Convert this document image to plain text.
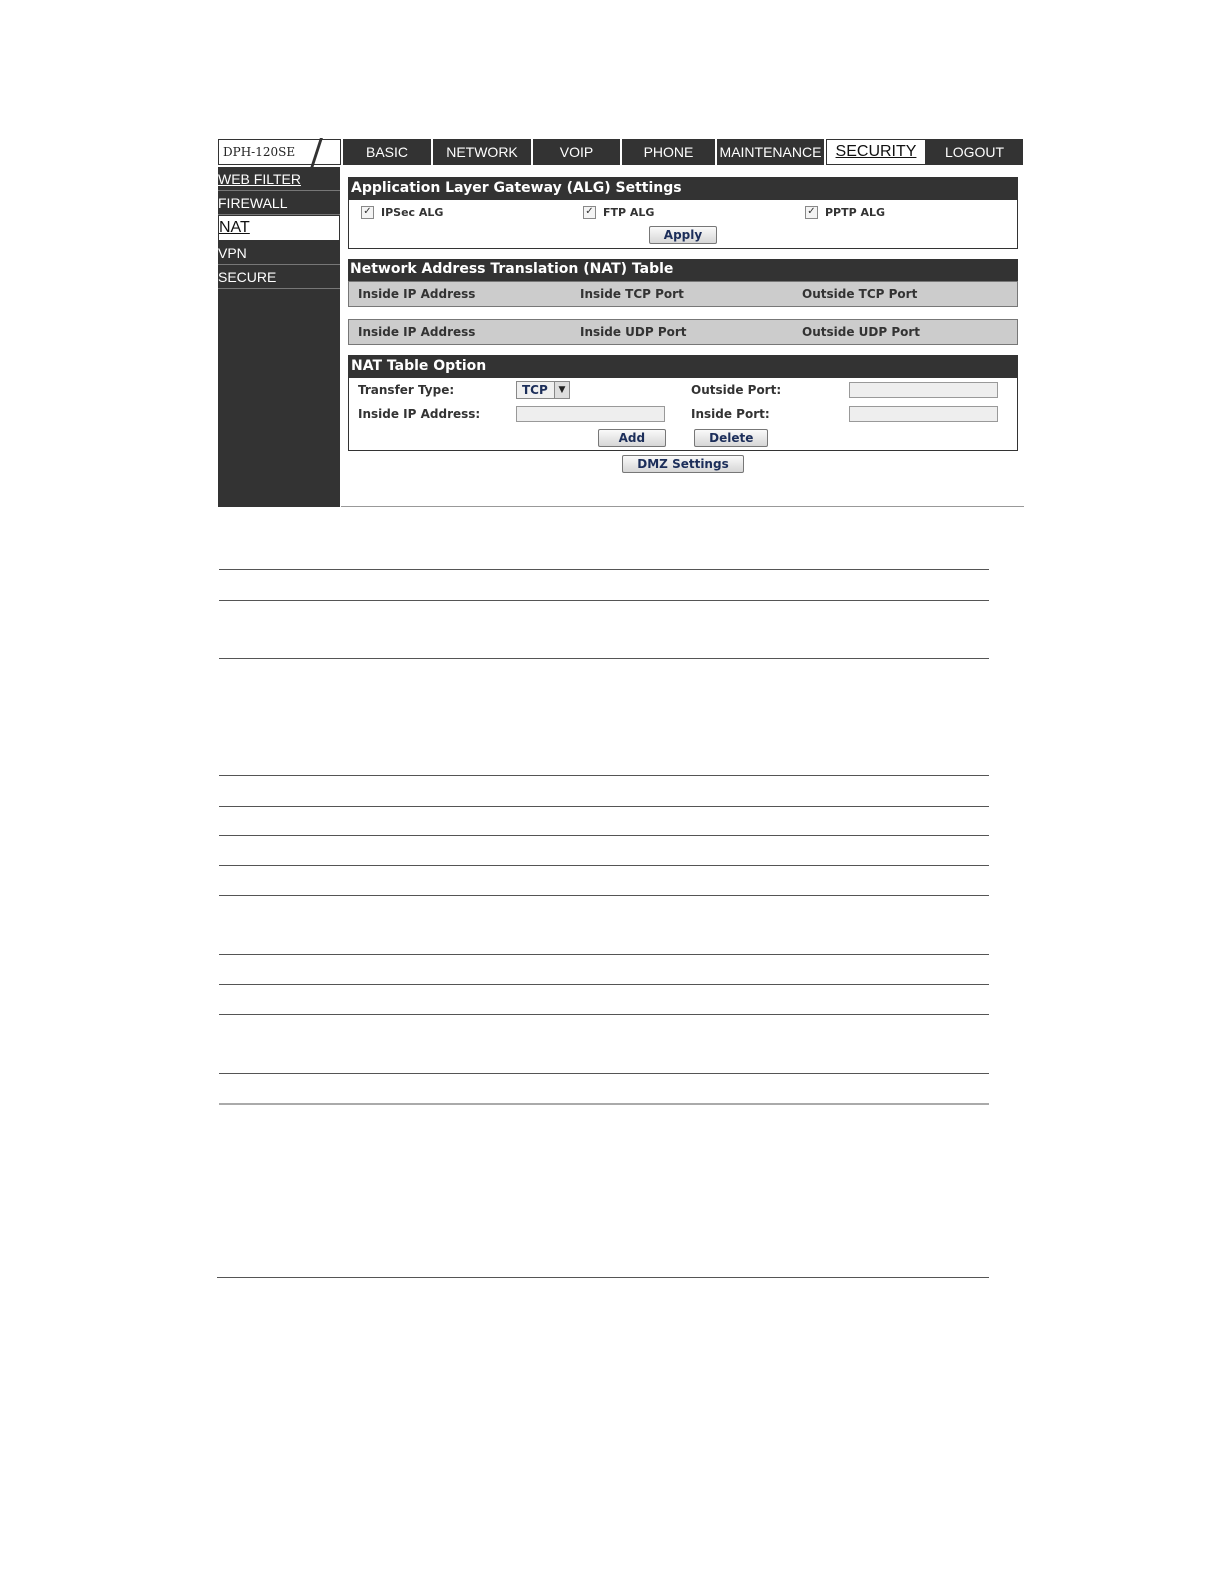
DPH-120SE	BASIC	NETWORK	VOIP	PHONE	MAINTENANCE SECURITY	LOGOUT
WEB FILTER
FIREWALL
NAT
VPN
SECURE
Application Layer Gateway (ALG) Settings
✓ IPSec ALG	✓ FTP ALG	✓ PPTP ALG
Apply
Network Address Translation (NAT) Table
Inside IP Address	Inside TCP Port	Outside TCP Port
Inside IP Address	Inside UDP Port	Outside UDP Port
NAT Table Option
Transfer Type:	TCP	▼	Outside Port:
Inside IP Address:	Inside Port:
Add	Delete
DMZ Settings
